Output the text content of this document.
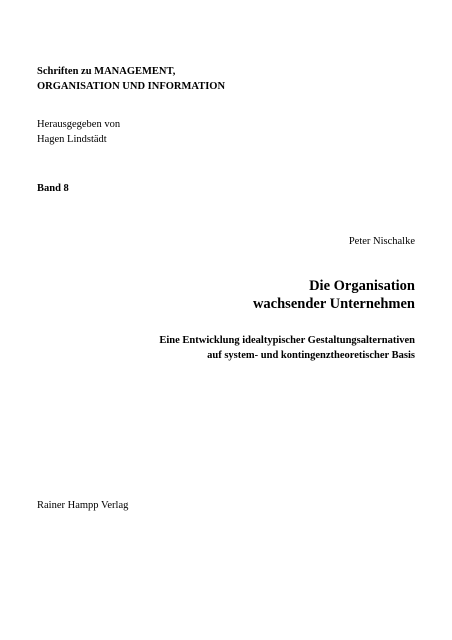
Schriften zu MANAGEMENT,
ORGANISATION UND INFORMATION
Herausgegeben von
Hagen Lindstädt
Band 8
Peter Nischalke
Die Organisation
wachsender Unternehmen
Eine Entwicklung idealtypischer Gestaltungsalternativen
auf system- und kontingenztheoretischer Basis
Rainer Hampp Verlag
